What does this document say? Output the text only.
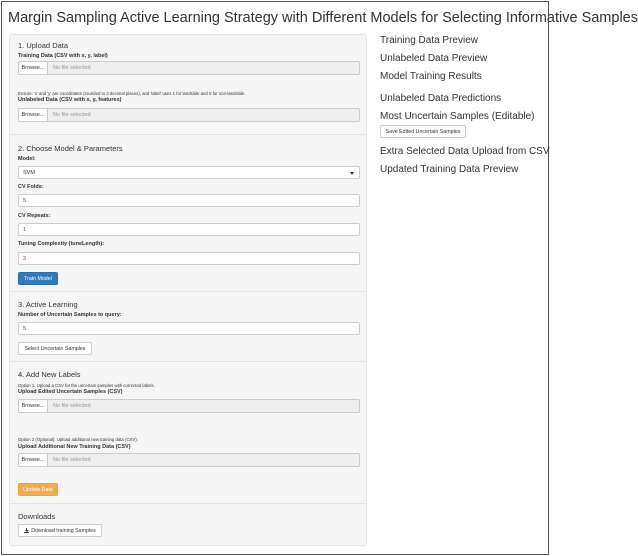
Margin Sampling Active Learning Strategy with Different Models for Selecting Informative Samples
1. Upload Data
Training Data (CSV with x, y, label)
Browse...	No file selected
Ensure: 'x' and 'y' are coordinates (rounded to 3 decimal places), and 'label' uses 1 for landslide and 0 for non-landslide.
Unlabeled Data (CSV with x, y, features)
Browse...	No file selected
2. Choose Model & Parameters
Model:
SVM
CV Folds:
5
CV Repeats:
1
Tuning Complexity (tuneLength):
3
Train Model
3. Active Learning
Number of Uncertain Samples to query:
5
Select Uncertain Samples
4. Add New Labels
Option 1. Upload a CSV for the uncertain samples with corrected labels.
Upload Edited Uncertain Samples (CSV)
Browse...	No file selected
Option 2 (Optional): Upload additional new training data (CSV).
Upload Additional New Training Data (CSV)
Browse...	No file selected
Update Data
Downloads
Download training Samples
Training Data Preview
Unlabeled Data Preview
Model Training Results
Unlabeled Data Predictions
Most Uncertain Samples (Editable)
Save Edited Uncertain Samples
Extra Selected Data Upload from CSV
Updated Training Data Preview
